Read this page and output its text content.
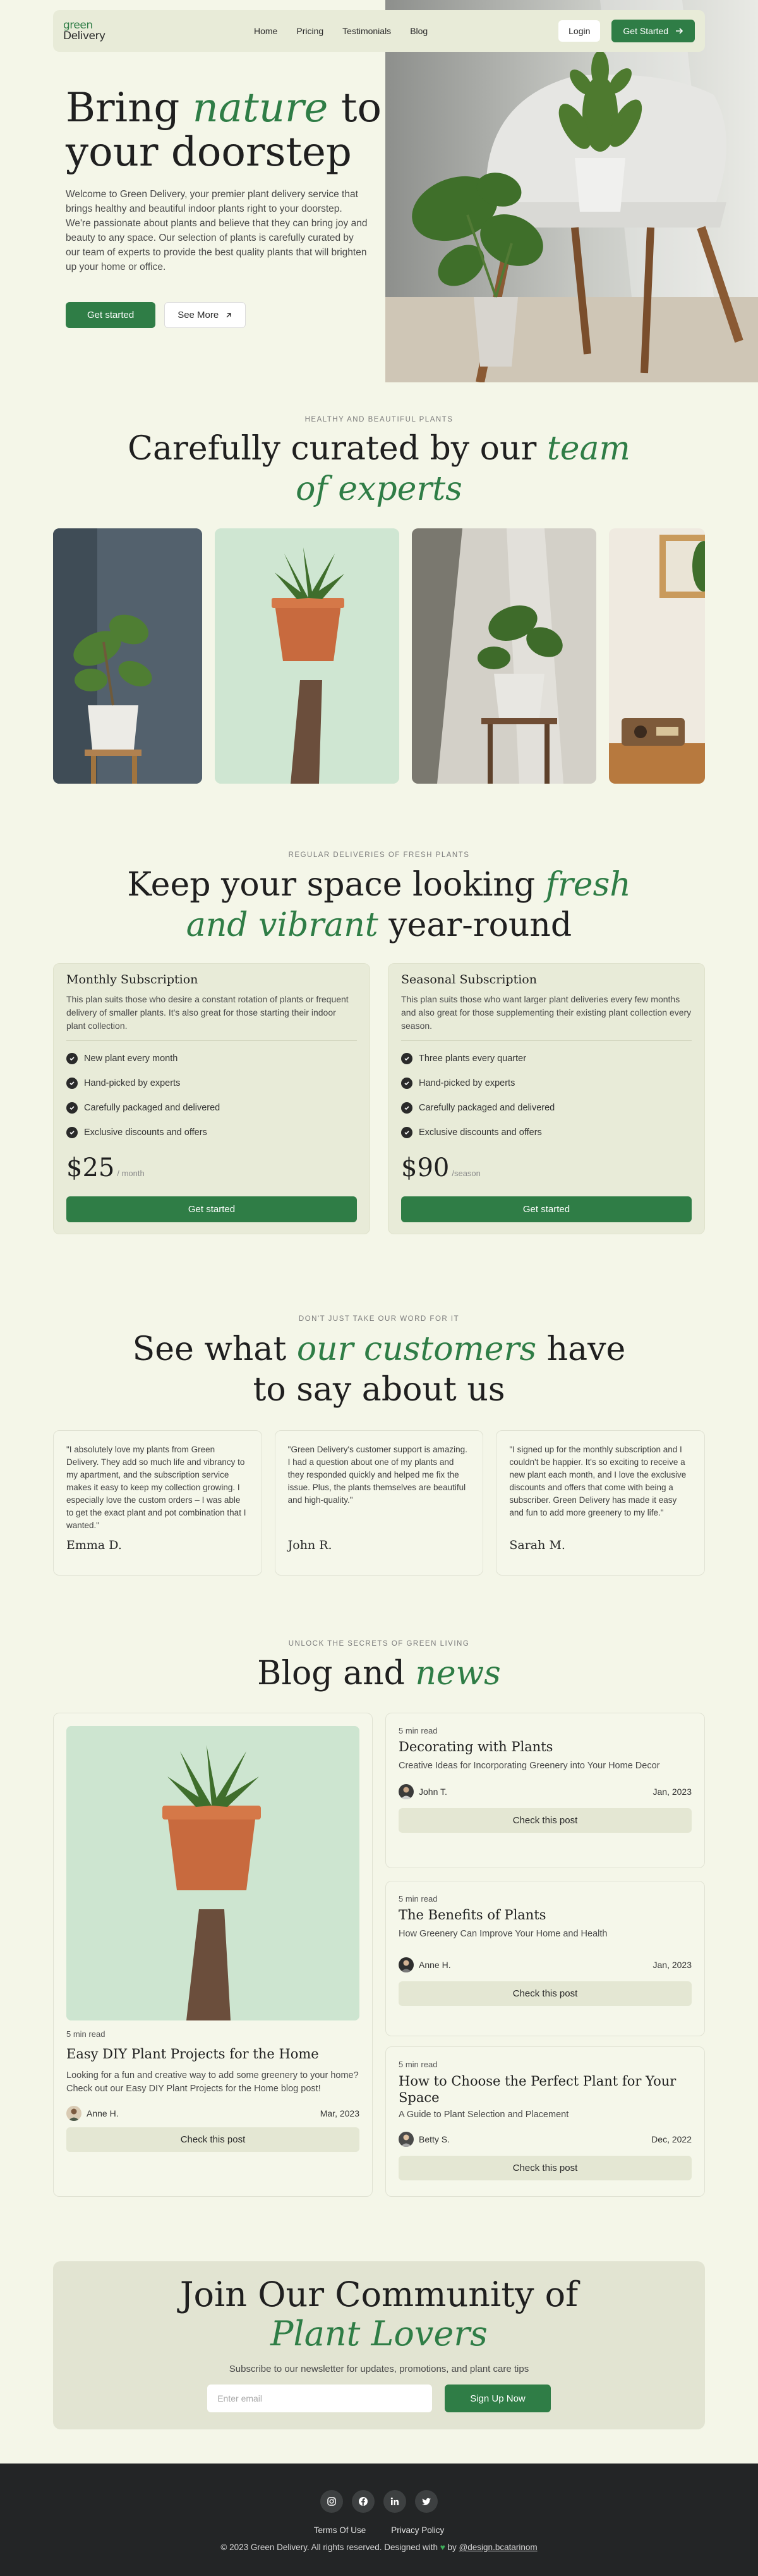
green
Delivery	Home Pricing Testimonials Blog	Login	Get Started
Bring nature to
your doorstep

Welcome to Green Delivery, your premier plant delivery service that brings healthy and beautiful indoor plants right to your doorstep. We're passionate about plants and believe that they can bring joy and beauty to any space. Our selection of plants is carefully curated by our team of experts to provide the best quality plants that will brighten up your home or office.

Get started	See More
HEALTHY AND BEAUTIFUL PLANTS
Carefully curated by our team
of experts
REGULAR DELIVERIES OF FRESH PLANTS
Keep your space looking fresh
and vibrant year-round
Monthly Subscription

This plan suits those who desire a constant rotation of plants or frequent delivery of smaller plants. It's also great for those starting their indoor plant collection.

New plant every month
Hand-picked by experts
Carefully packaged and delivered
Exclusive discounts and offers
$25 / month
Get started
Seasonal Subscription

This plan suits those who want larger plant deliveries every few months and also great for those supplementing their existing plant collection every season.

Three plants every quarter
Hand-picked by experts
Carefully packaged and delivered
Exclusive discounts and offers
$90 /season
Get started
DON'T JUST TAKE OUR WORD FOR IT
See what our customers have
to say about us

"I absolutely love my plants from Green Delivery. They add so much life and vibrancy to my apartment, and the subscription service makes it easy to keep my collection growing. I especially love the custom orders – I was able to get the exact plant and pot combination that I wanted."

Emma D.

"Green Delivery's customer support is amazing. I had a question about one of my plants and they responded quickly and helped me fix the issue. Plus, the plants themselves are beautiful and high-quality."

John R.

"I signed up for the monthly subscription and I couldn't be happier. It's so exciting to receive a new plant each month, and I love the exclusive discounts and offers that come with being a subscriber. Green Delivery has made it easy and fun to add more greenery to my life."

Sarah M.
UNLOCK THE SECRETS OF GREEN LIVING
Blog and news
5 min read
Easy DIY Plant Projects for the Home

Looking for a fun and creative way to add some greenery to your home? Check out our Easy DIY Plant Projects for the Home blog post!

Anne H.	Mar, 2023
Check this post
5 min read
Decorating with Plants

Creative Ideas for Incorporating Greenery into Your Home Decor

John T.	Jan, 2023
Check this post
5 min read
The Benefits of Plants

How Greenery Can Improve Your Home and Health

Anne H.	Jan, 2023
Check this post
5 min read
How to Choose the Perfect Plant for Your Space

A Guide to Plant Selection and Placement

Betty S.	Dec, 2022
Check this post
Join Our Community of
Plant Lovers

Subscribe to our newsletter for updates, promotions, and plant care tips

Enter email
Sign Up Now
Terms Of Use	Privacy Policy
© 2023 Green Delivery. All rights reserved. Designed with ♥ by @design.bcatarinom
